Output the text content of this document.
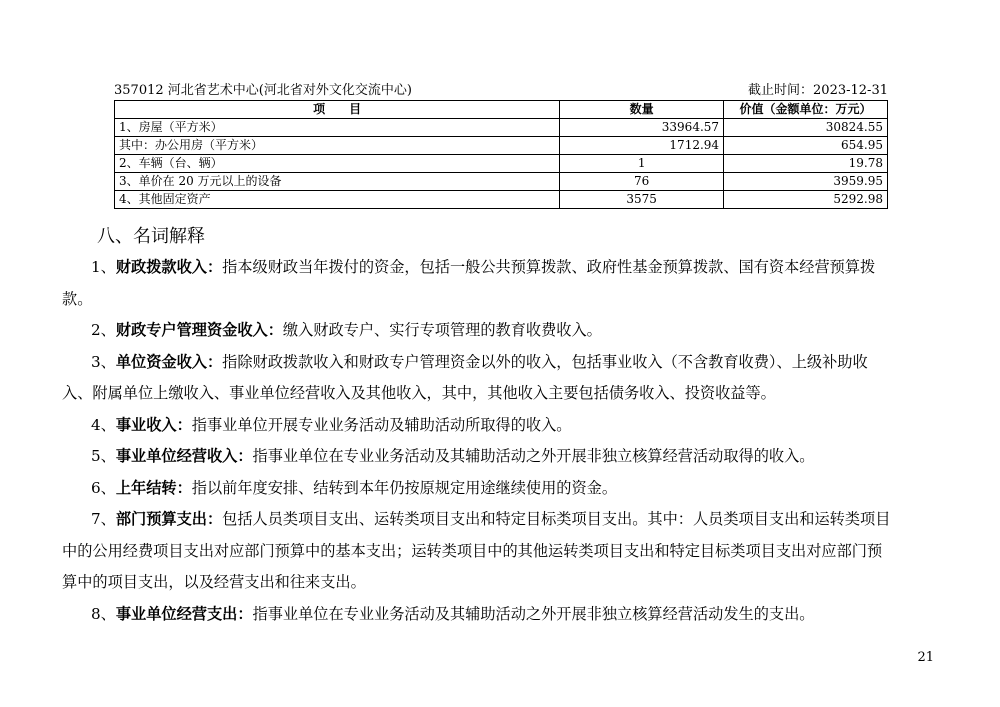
357012 河北省艺术中心(河北省对外文化交流中心)	截止时间：2023-12-31
项　　目	数量	价值（金额单位：万元）
1、房屋（平方米）	33964.57	30824.55
其中：办公用房（平方米）	1712.94	654.95
2、车辆（台、辆）	1	19.78
3、单价在 20 万元以上的设备	76	3959.95
4、其他固定资产	3575	5292.98
八、名词解释

1、财政拨款收入：指本级财政当年拨付的资金，包括一般公共预算拨款、政府性基金预算拨款、国有资本经营预算拨款。

2、财政专户管理资金收入：缴入财政专户、实行专项管理的教育收费收入。

3、单位资金收入：指除财政拨款收入和财政专户管理资金以外的收入，包括事业收入（不含教育收费）、上级补助收入、附属单位上缴收入、事业单位经营收入及其他收入，其中，其他收入主要包括债务收入、投资收益等。

4、事业收入：指事业单位开展专业业务活动及辅助活动所取得的收入。

5、事业单位经营收入：指事业单位在专业业务活动及其辅助活动之外开展非独立核算经营活动取得的收入。

6、上年结转：指以前年度安排、结转到本年仍按原规定用途继续使用的资金。

7、部门预算支出：包括人员类项目支出、运转类项目支出和特定目标类项目支出。其中：人员类项目支出和运转类项目中的公用经费项目支出对应部门预算中的基本支出；运转类项目中的其他运转类项目支出和特定目标类项目支出对应部门预算中的项目支出，以及经营支出和往来支出。

8、事业单位经营支出：指事业单位在专业业务活动及其辅助活动之外开展非独立核算经营活动发生的支出。

21
